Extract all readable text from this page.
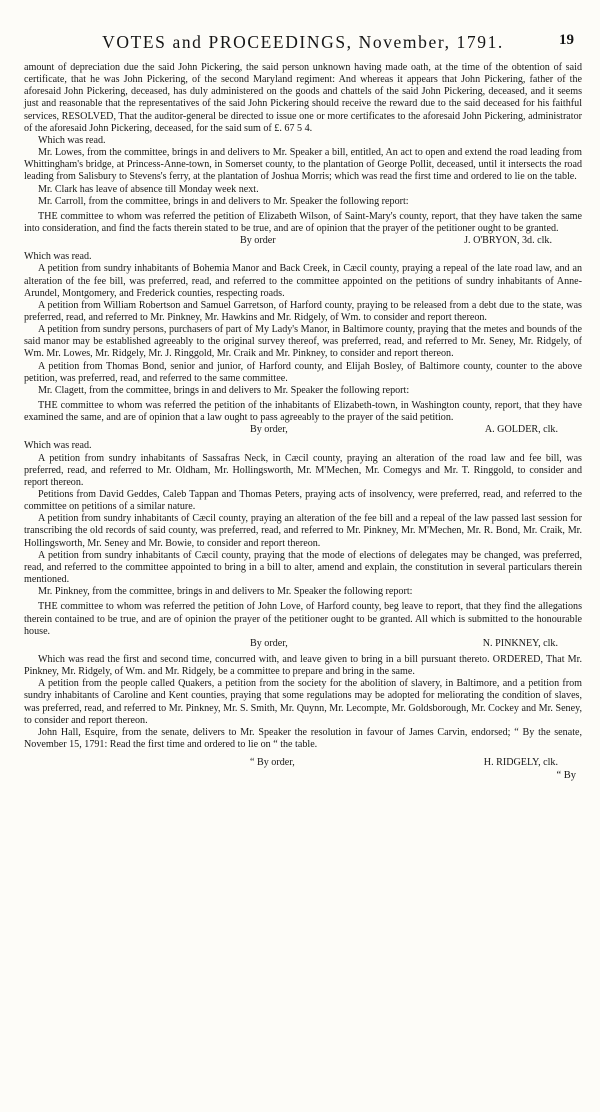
VOTES and PROCEEDINGS, November, 1791.	19

amount of depreciation due the said John Pickering, the said person unknown having made oath, at the time of the obtention of said certificate, that he was John Pickering, of the second Maryland regiment: And whereas it appears that John Pickering, father of the aforesaid John Pickering, deceased, has duly administered on the goods and chattels of the said John Pickering, deceased, and it seems just and reasonable that the representatives of the said John Pickering should receive the reward due to the said deceased for his faithful services, RESOLVED, That the auditor-general be directed to issue one or more certificates to the aforesaid John Pickering, administrator of the aforesaid John Pickering, deceased, for the said sum of £. 67 5 4.

Which was read.

Mr. Lowes, from the committee, brings in and delivers to Mr. Speaker a bill, entitled, An act to open and extend the road leading from Whittingham's bridge, at Princess-Anne-town, in Somerset county, to the plantation of George Pollit, deceased, until it intersects the road leading from Salisbury to Stevens's ferry, at the plantation of Joshua Morris; which was read the first time and ordered to lie on the table.

Mr. Clark has leave of absence till Monday week next.

Mr. Carroll, from the committee, brings in and delivers to Mr. Speaker the following report:

THE committee to whom was referred the petition of Elizabeth Wilson, of Saint-Mary's county, report, that they have taken the same into consideration, and find the facts therein stated to be true, and are of opinion that the prayer of the petitioner ought to be granted.

By order	J. O'BRYON, 3d. clk.

Which was read.

A petition from sundry inhabitants of Bohemia Manor and Back Creek, in Cæcil county, praying a repeal of the late road law, and an alteration of the fee bill, was preferred, read, and referred to the committee appointed on the petitions of sundry inhabitants of Anne-Arundel, Montgomery, and Frederick counties, respecting roads.

A petition from William Robertson and Samuel Garretson, of Harford county, praying to be released from a debt due to the state, was preferred, read, and referred to Mr. Pinkney, Mr. Hawkins and Mr. Ridgely, of Wm. to consider and report thereon.

A petition from sundry persons, purchasers of part of My Lady's Manor, in Baltimore county, praying that the metes and bounds of the said manor may be established agreeably to the original survey thereof, was preferred, read, and referred to Mr. Seney, Mr. Ridgely, of Wm. Mr. Lowes, Mr. Ridgely, Mr. J. Ringgold, Mr. Craik and Mr. Pinkney, to consider and report thereon.

A petition from Thomas Bond, senior and junior, of Harford county, and Elijah Bosley, of Baltimore county, counter to the above petition, was preferred, read, and referred to the same committee.

Mr. Clagett, from the committee, brings in and delivers to Mr. Speaker the following report:

THE committee to whom was referred the petition of the inhabitants of Elizabeth-town, in Washington county, report, that they have examined the same, and are of opinion that a law ought to pass agreeably to the prayer of the said petition.

By order,	A. GOLDER, clk.

Which was read.

A petition from sundry inhabitants of Sassafras Neck, in Cæcil county, praying an alteration of the road law and fee bill, was preferred, read, and referred to Mr. Oldham, Mr. Hollingsworth, Mr. M'Mechen, Mr. Comegys and Mr. T. Ringgold, to consider and report thereon.

Petitions from David Geddes, Caleb Tappan and Thomas Peters, praying acts of insolvency, were preferred, read, and referred to the committee on petitions of a similar nature.

A petition from sundry inhabitants of Cæcil county, praying an alteration of the fee bill and a repeal of the law passed last session for transcribing the old records of said county, was preferred, read, and referred to Mr. Pinkney, Mr. M'Mechen, Mr. R. Bond, Mr. Craik, Mr. Hollingsworth, Mr. Seney and Mr. Bowie, to consider and report thereon.

A petition from sundry inhabitants of Cæcil county, praying that the mode of elections of delegates may be changed, was preferred, read, and referred to the committee appointed to bring in a bill to alter, amend and explain, the constitution in several particulars therein mentioned.

Mr. Pinkney, from the committee, brings in and delivers to Mr. Speaker the following report:

THE committee to whom was referred the petition of John Love, of Harford county, beg leave to report, that they find the allegations therein contained to be true, and are of opinion the prayer of the petitioner ought to be granted. All which is submitted to the honourable house.

By order,	N. PINKNEY, clk.

Which was read the first and second time, concurred with, and leave given to bring in a bill pursuant thereto. ORDERED, That Mr. Pinkney, Mr. Ridgely, of Wm. and Mr. Ridgely, be a committee to prepare and bring in the same.

A petition from the people called Quakers, a petition from the society for the abolition of slavery, in Baltimore, and a petition from sundry inhabitants of Caroline and Kent counties, praying that some regulations may be adopted for meliorating the condition of slaves, was preferred, read, and referred to Mr. Pinkney, Mr. S. Smith, Mr. Quynn, Mr. Lecompte, Mr. Goldsborough, Mr. Cockey and Mr. Seney, to consider and report thereon.

John Hall, Esquire, from the senate, delivers to Mr. Speaker the resolution in favour of James Carvin, endorsed; “ By the senate, November 15, 1791: Read the first time and ordered to lie on “ the table.

“ By order,	H. RIDGELY, clk.
“ By
